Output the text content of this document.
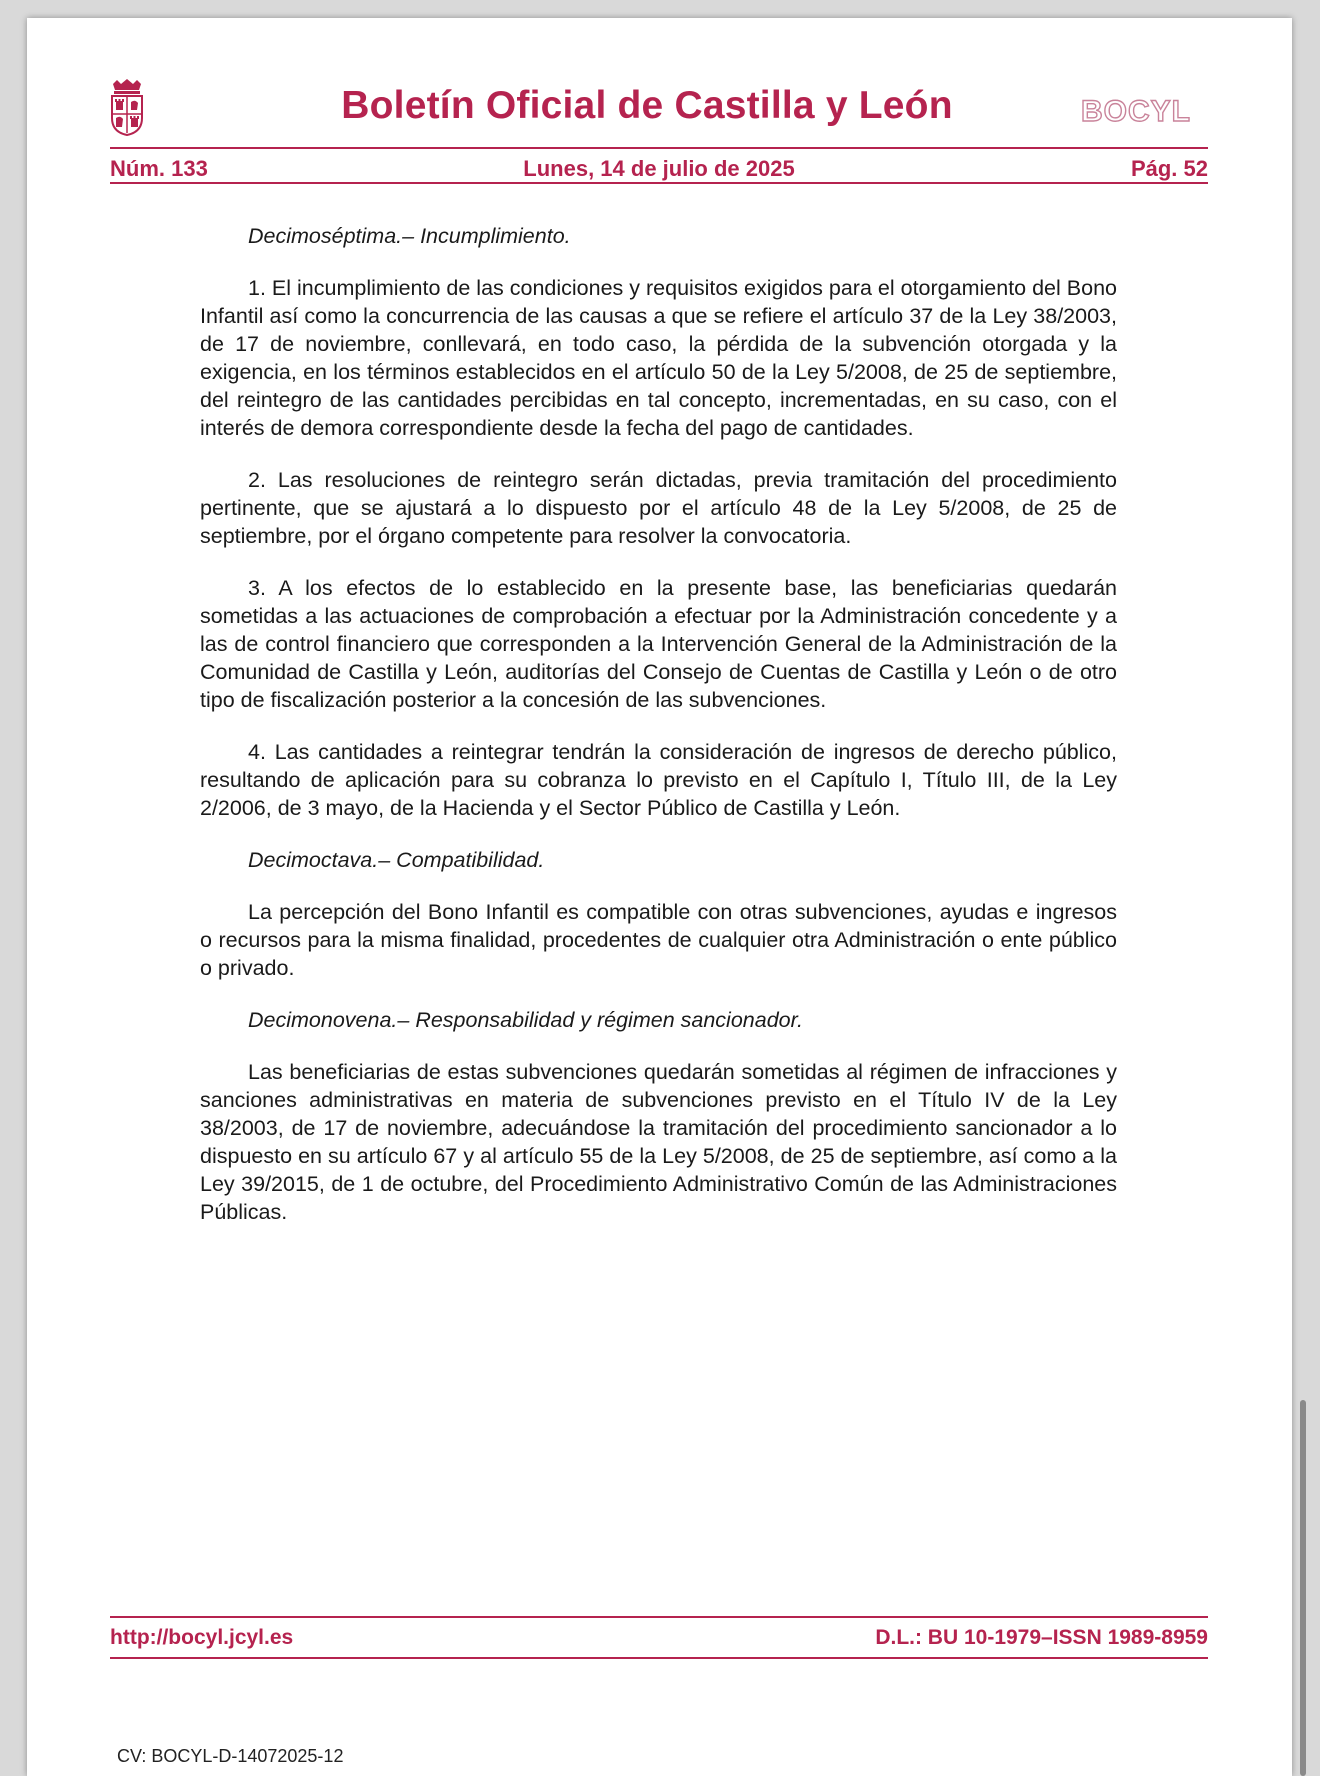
Boletín Oficial de Castilla y León	BOCYL
Núm. 133	Lunes, 14 de julio de 2025	Pág. 52

Decimoséptima.– Incumplimiento.

1. El incumplimiento de las condiciones y requisitos exigidos para el otorgamiento del Bono Infantil así como la concurrencia de las causas a que se refiere el artículo 37 de la Ley 38/2003, de 17 de noviembre, conllevará, en todo caso, la pérdida de la subvención otorgada y la exigencia, en los términos establecidos en el artículo 50 de la Ley 5/2008, de 25 de septiembre, del reintegro de las cantidades percibidas en tal concepto, incrementadas, en su caso, con el interés de demora correspondiente desde la fecha del pago de cantidades.

2. Las resoluciones de reintegro serán dictadas, previa tramitación del procedimiento pertinente, que se ajustará a lo dispuesto por el artículo 48 de la Ley 5/2008, de 25 de septiembre, por el órgano competente para resolver la convocatoria.

3. A los efectos de lo establecido en la presente base, las beneficiarias quedarán sometidas a las actuaciones de comprobación a efectuar por la Administración concedente y a las de control financiero que corresponden a la Intervención General de la Administración de la Comunidad de Castilla y León, auditorías del Consejo de Cuentas de Castilla y León o de otro tipo de fiscalización posterior a la concesión de las subvenciones.

4. Las cantidades a reintegrar tendrán la consideración de ingresos de derecho público, resultando de aplicación para su cobranza lo previsto en el Capítulo I, Título III, de la Ley 2/2006, de 3 mayo, de la Hacienda y el Sector Público de Castilla y León.

Decimoctava.– Compatibilidad.

La percepción del Bono Infantil es compatible con otras subvenciones, ayudas e ingresos o recursos para la misma finalidad, procedentes de cualquier otra Administración o ente público o privado.

Decimonovena.– Responsabilidad y régimen sancionador.

Las beneficiarias de estas subvenciones quedarán sometidas al régimen de infracciones y sanciones administrativas en materia de subvenciones previsto en el Título IV de la Ley 38/2003, de 17 de noviembre, adecuándose la tramitación del procedimiento sancionador a lo dispuesto en su artículo 67 y al artículo 55 de la Ley 5/2008, de 25 de septiembre, así como a la Ley 39/2015, de 1 de octubre, del Procedimiento Administrativo Común de las Administraciones Públicas.

http://bocyl.jcyl.es	D.L.: BU 10-1979–ISSN 1989-8959
CV: BOCYL-D-14072025-12
